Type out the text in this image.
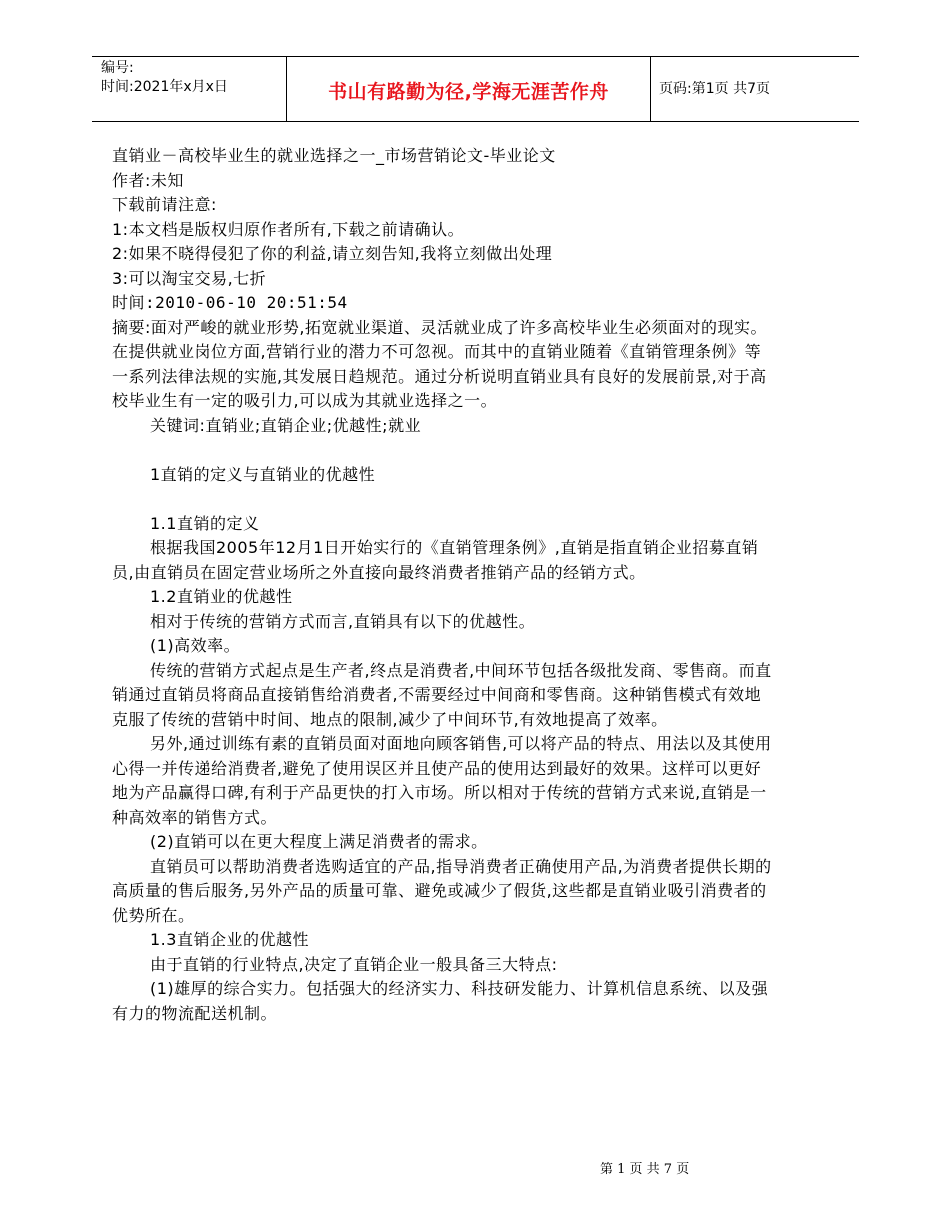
编号:
时间:2021年x月x日	书山有路勤为径,学海无涯苦作舟	页码:第1页 共7页

直销业－高校毕业生的就业选择之一_市场营销论文-毕业论文

作者:未知

下载前请注意:

1:本文档是版权归原作者所有,下载之前请确认。

2:如果不晓得侵犯了你的利益,请立刻告知,我将立刻做出处理

3:可以淘宝交易,七折

时间:2010-06-10 20:51:54

摘要:面对严峻的就业形势,拓宽就业渠道、灵活就业成了许多高校毕业生必须面对的现实。在提供就业岗位方面,营销行业的潜力不可忽视。而其中的直销业随着《直销管理条例》等一系列法律法规的实施,其发展日趋规范。通过分析说明直销业具有良好的发展前景,对于高校毕业生有一定的吸引力,可以成为其就业选择之一。

关键词:直销业;直销企业;优越性;就业

1直销的定义与直销业的优越性

1.1直销的定义

根据我国2005年12月1日开始实行的《直销管理条例》,直销是指直销企业招募直销员,由直销员在固定营业场所之外直接向最终消费者推销产品的经销方式。

1.2直销业的优越性

相对于传统的营销方式而言,直销具有以下的优越性。

(1)高效率。

传统的营销方式起点是生产者,终点是消费者,中间环节包括各级批发商、零售商。而直销通过直销员将商品直接销售给消费者,不需要经过中间商和零售商。这种销售模式有效地克服了传统的营销中时间、地点的限制,减少了中间环节,有效地提高了效率。

另外,通过训练有素的直销员面对面地向顾客销售,可以将产品的特点、用法以及其使用心得一并传递给消费者,避免了使用误区并且使产品的使用达到最好的效果。这样可以更好地为产品赢得口碑,有利于产品更快的打入市场。所以相对于传统的营销方式来说,直销是一种高效率的销售方式。

(2)直销可以在更大程度上满足消费者的需求。

直销员可以帮助消费者选购适宜的产品,指导消费者正确使用产品,为消费者提供长期的高质量的售后服务,另外产品的质量可靠、避免或减少了假货,这些都是直销业吸引消费者的优势所在。

1.3直销企业的优越性

由于直销的行业特点,决定了直销企业一般具备三大特点:

(1)雄厚的综合实力。包括强大的经济实力、科技研发能力、计算机信息系统、以及强有力的物流配送机制。

第 1 页 共 7 页
